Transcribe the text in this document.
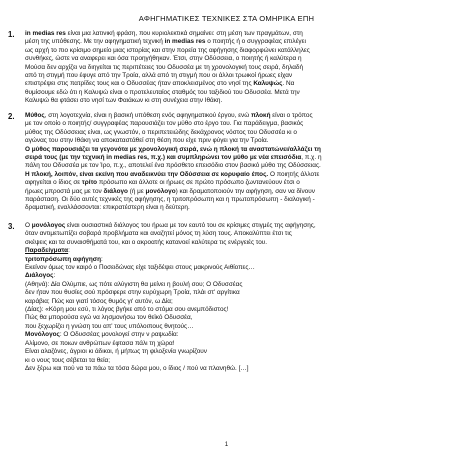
ΑΦΗΓΗΜΑΤΙΚΕΣ ΤΕΧΝΙΚΕΣ ΣΤΑ ΟΜΗΡΙΚΑ ΕΠΗ
1. in medias res είναι μια λατινική φράση, που κυριολεκτικά σημαίνει: στη μέση των πραγμάτων, στη
μέση της υπόθεσης. Με την αφηγηματική τεχνική in medias res ο ποιητής ή ο συγγραφέας επιλέγει
ως αρχή το πιο κρίσιμο σημείο μιας ιστορίας και στην πορεία της αφήγησης διαφορφώνει κατάλληλες
συνθήκες, ώστε να αναφερει και όσα προηγήθηκαν. Έτσι, στην Οδύσσεια, ο ποιητής ή καλύτερα η
Μούσα δεν αρχίζει να διηγείται τις περιπέτειες του Οδυσσέα με τη χρονολογική τους σειρά, δηλαδή
από τη στιγμή που έφυγε από την Τροία, αλλά από τη στιγμή που οι άλλοι τρωικοί ήρωες είχαν
επιστρέψει στις πατρίδες τους και ο Οδυσσέας ήταν αποκλεισμένος στο νησί της Καλυψώς. Να
θυμίσουμε εδώ ότι η Καλυψώ είναι ο προτελευταίος σταθμός του ταξιδιού του Οδυσσέα. Μετά την
Καλυψώ θα φτάσει στο νησί των Φαιάκων κι στη συνέχεια στην Ιθάκη.
2. Μύθος, στη λογοτεχνία, είναι η βασική υπόθεση ενός αφηγηματικού έργου, ενώ πλοκή είναι ο τρόπος
με τον οποίο ο ποιητής/ συγγραφέας παρουσιάζει τον μύθο στο έργο του. Για παράδειγμα, βασικός
μύθος της Οδύσσειας είναι, ως γνωστόν, ο περιπετειώδης δεκάχρονος νόστος του Οδυσσέα κι ο
αγώνας του στην Ιθάκη να αποκαταστάθεί στη θέση που είχε πριν φύγει για την Τροία.
Ο μύθος παρουσιάζει τα γεγονότα με χρονολογική σειρά, ενώ η πλοκή τα αναστατώνει/αλλάζει τη
σειρά τους (με την τεχνική in medias res, π.χ.) και συμπληρώνει τον μύθο με νέα επεισόδια, π.χ. η
πάλη του Οδυσσέα με τον Ίρο, π.χ., αποτελεί ένα πρόσθετο επεισόδιο στον βασικό μύθο της Οδύσσειας.
Η πλοκή, λοιπόν, είναι εκείνη που αναδεικνύει την Οδύσσεια σε κορυφαίο έπος. Ο ποιητής άλλοτε
αφηγείται ο ίδιος σε τρίτο πρόσωπο και άλλοτε οι ήρωες σε πρώτο πρόσωπο ζωντανεύουν έτσι ο
ήρωες μπροστά μας με τον διάλογο (ή με μονόλογο) και δραματοποιούν την αφήγηση, σαν να δίνουν
παράσταση. Οι δύο αυτές τεχνικές της αφήγησης, η τριτοπρόσωπη και η πρωτοπρόσωπη - διαλογική -
δραματική, εναλλάσσονται: επικρατέστερη είναι η δεύτερη.
3. Ο μονόλογος είναι ουσιαστικά διάλογος του ήρωα με τον εαυτό του σε κρίσιμες στιγμές της αφήγησης,
όταν αντιμετωπίζει σοβαρά προβλήματα και αναζητεί μόνος τη λύση τους. Αποκαλύπτει έτσι τις
σκέψεις και τα συναισθήματά του, και ο ακροατής κατανοεί καλύτερα τις ενέργειές του.
Παραδείγματα:
τριτοπρόσωπη αφήγηση:
Εκείνον όμως τον καιρό ο Ποσειδώνας είχε ταξιδέψει στους μακρινούς Αιθίοπες…
Διάλογος:
(Αθηνά): Δία Ολύμπιε, ως πότε αλύγιστη θα μείνει η βουλή σου; Ο Οδυσσέας
δεν ήταν που θυσίες σού πρόσφερε στην ευρύχωρη Τροία, πλάι στ' αργίτικα
καράβια; Πώς και γιατί τόσος θυμός γι' αυτόν, ω Δία;
(Δίας): «Κόρη μου εσύ, τι λόγος βγήκε από το στόμα σου ανεμπόδιστος!
Πώς θα μπορούσα εγώ να λησμονήσω τον θεϊκό Οδυσσέα,
που ξεχωρίζει η γνώση του απ' τους υπόλοιπους θνητούς…
Μονόλογος: Ο Οδυσσέας μονολογεί στην ν ραψωδία:
Αλίμονο, σε ποιων ανθρώπων έφτασα πάλι τη χώρα!
Είναι αλαζόνες, άγριοι κι άδικοι, ή μήπως τη φιλοξενία γνωρίζουν
κι ο νους τους σέβεται τα θεία;
Δεν ξέρω και πού να τα πάω τα τόσα δώρα μου, ο ίδιος / πού να πλανηθώ. […]
1
